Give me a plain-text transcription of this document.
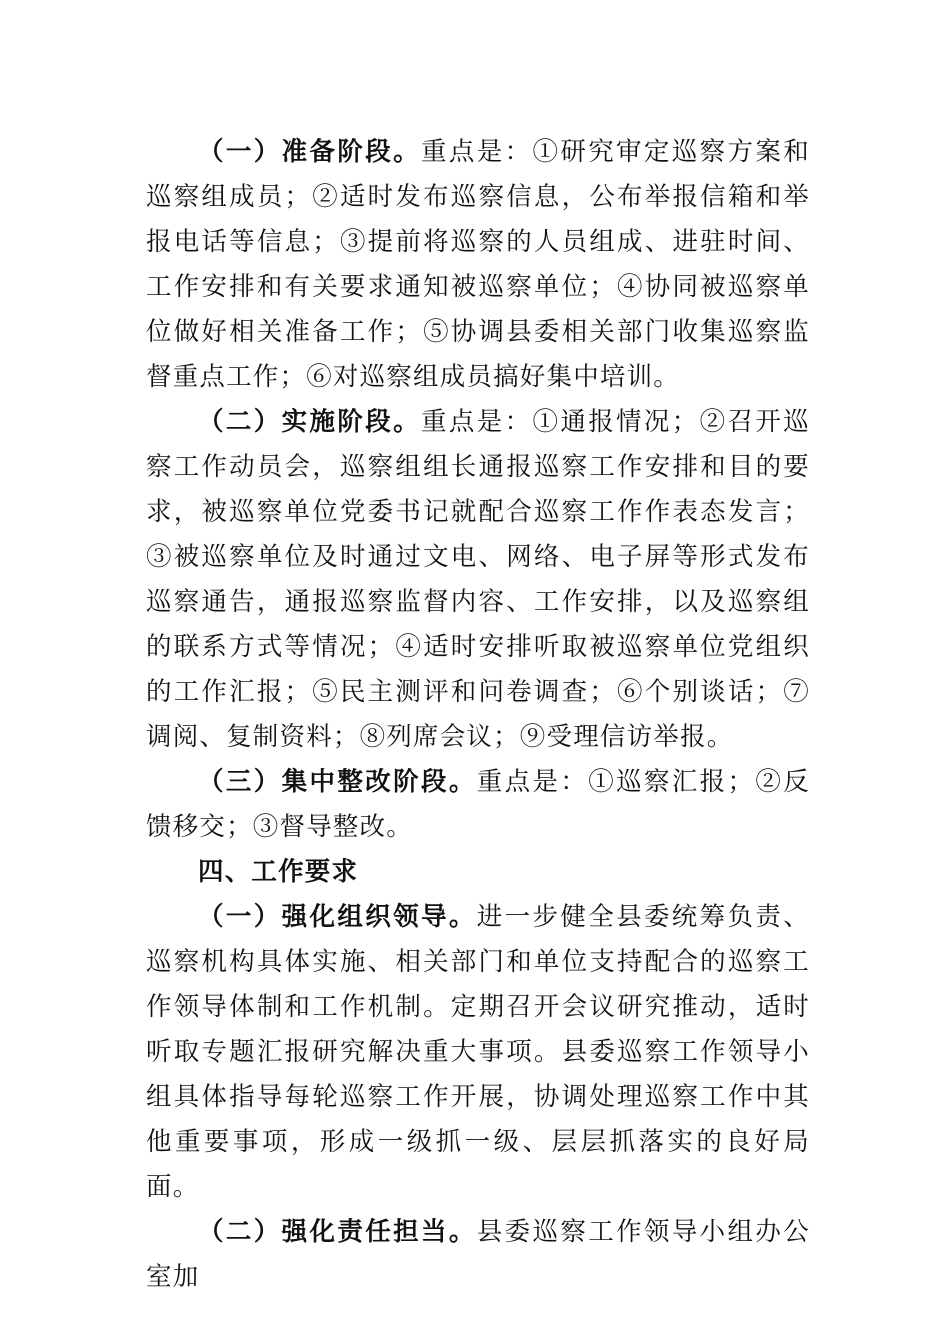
（一）准备阶段。重点是：①研究审定巡察方案和巡察组成员；②适时发布巡察信息，公布举报信箱和举报电话等信息；③提前将巡察的人员组成、进驻时间、工作安排和有关要求通知被巡察单位；④协同被巡察单位做好相关准备工作；⑤协调县委相关部门收集巡察监督重点工作；⑥对巡察组成员搞好集中培训。

（二）实施阶段。重点是：①通报情况；②召开巡察工作动员会，巡察组组长通报巡察工作安排和目的要求，被巡察单位党委书记就配合巡察工作作表态发言；③被巡察单位及时通过文电、网络、电子屏等形式发布巡察通告，通报巡察监督内容、工作安排，以及巡察组的联系方式等情况；④适时安排听取被巡察单位党组织的工作汇报；⑤民主测评和问卷调查；⑥个别谈话；⑦调阅、复制资料；⑧列席会议；⑨受理信访举报。

（三）集中整改阶段。重点是：①巡察汇报；②反馈移交；③督导整改。

四、工作要求

（一）强化组织领导。进一步健全县委统筹负责、巡察机构具体实施、相关部门和单位支持配合的巡察工作领导体制和工作机制。定期召开会议研究推动，适时听取专题汇报研究解决重大事项。县委巡察工作领导小组具体指导每轮巡察工作开展，协调处理巡察工作中其他重要事项，形成一级抓一级、层层抓落实的良好局面。

（二）强化责任担当。县委巡察工作领导小组办公室加
